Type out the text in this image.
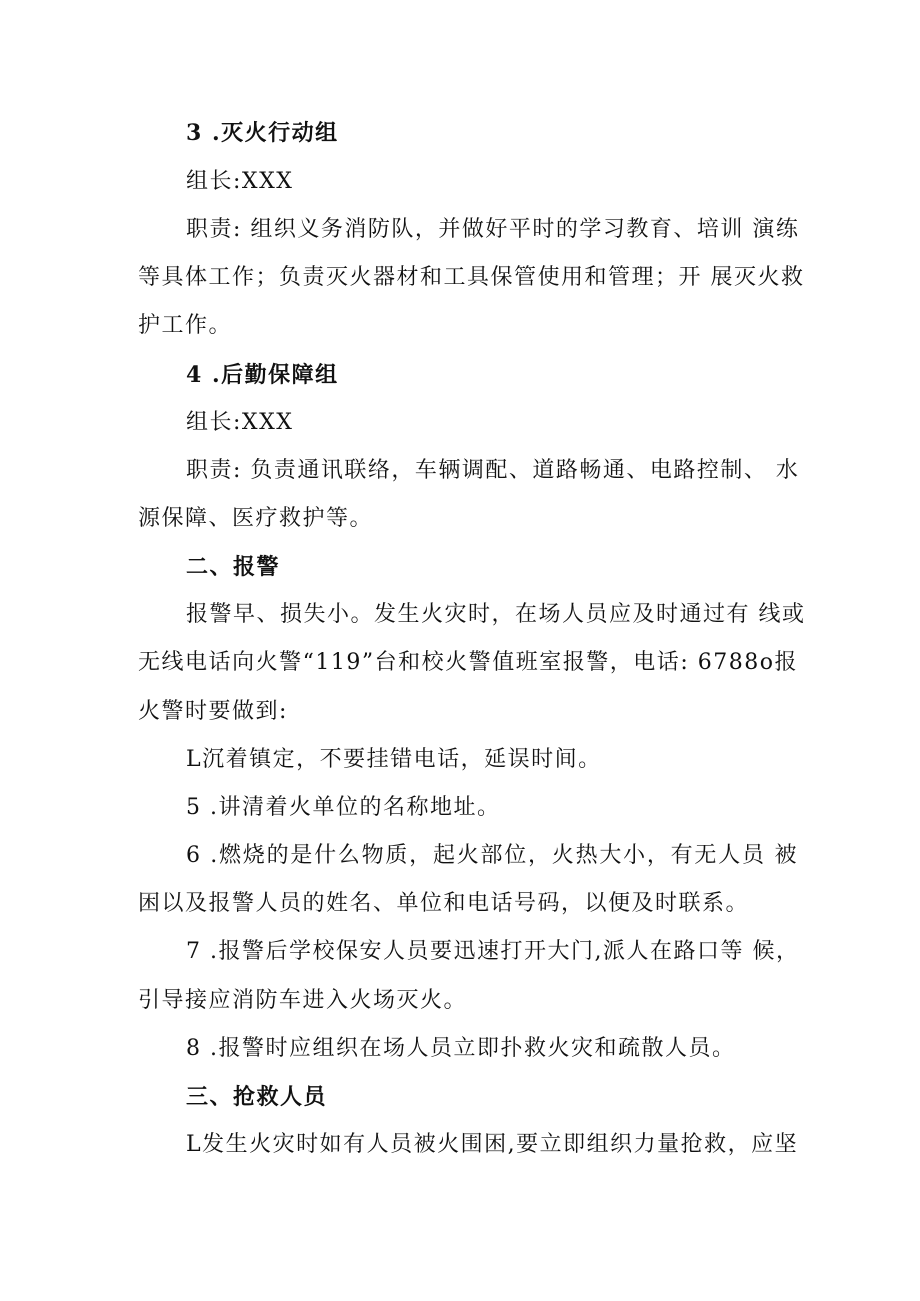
3 .灭火行动组
组长:XXX
职责: 组织义务消防队，并做好平时的学习教育、培训 演练
等具体工作；负责灭火器材和工具保管使用和管理；开 展灭火救
护工作。
4 .后勤保障组
组长:XXX
职责: 负责通讯联络，车辆调配、道路畅通、电路控制、 水
源保障、医疗救护等。
二、报警
报警早、损失小。发生火灾时，在场人员应及时通过有 线或
无线电话向火警“119”台和校火警值班室报警，电话: 6788o报
火警时要做到:
L沉着镇定，不要挂错电话，延误时间。
5 .讲清着火单位的名称地址。
6 .燃烧的是什么物质，起火部位，火热大小，有无人员 被
困以及报警人员的姓名、单位和电话号码，以便及时联系。
7 .报警后学校保安人员要迅速打开大门,派人在路口等 候，
引导接应消防车进入火场灭火。
8 .报警时应组织在场人员立即扑救火灾和疏散人员。
三、抢救人员
L发生火灾时如有人员被火围困,要立即组织力量抢救，应坚
